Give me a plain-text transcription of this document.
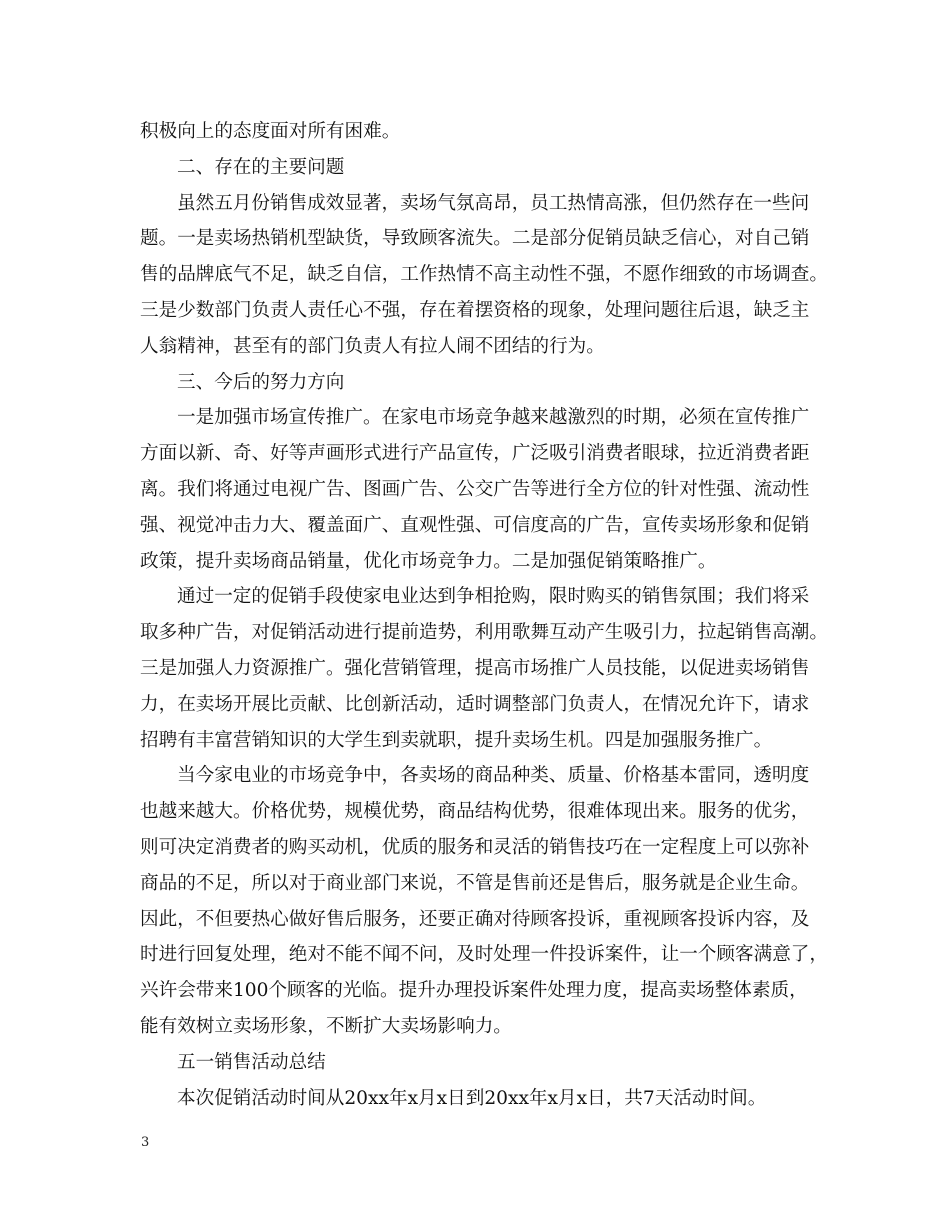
积极向上的态度面对所有困难。
二、存在的主要问题
虽然五月份销售成效显著，卖场气氛高昂，员工热情高涨，但仍然存在一些问
题。一是卖场热销机型缺货，导致顾客流失。二是部分促销员缺乏信心，对自己销
售的品牌底气不足，缺乏自信，工作热情不高主动性不强，不愿作细致的市场调查。
三是少数部门负责人责任心不强，存在着摆资格的现象，处理问题往后退，缺乏主
人翁精神，甚至有的部门负责人有拉人闹不团结的行为。
三、今后的努力方向
一是加强市场宣传推广。在家电市场竞争越来越激烈的时期，必须在宣传推广
方面以新、奇、好等声画形式进行产品宣传，广泛吸引消费者眼球，拉近消费者距
离。我们将通过电视广告、图画广告、公交广告等进行全方位的针对性强、流动性
强、视觉冲击力大、覆盖面广、直观性强、可信度高的广告，宣传卖场形象和促销
政策，提升卖场商品销量，优化市场竞争力。二是加强促销策略推广。
通过一定的促销手段使家电业达到争相抢购，限时购买的销售氛围；我们将采
取多种广告，对促销活动进行提前造势，利用歌舞互动产生吸引力，拉起销售高潮。
三是加强人力资源推广。强化营销管理，提高市场推广人员技能，以促进卖场销售
力，在卖场开展比贡献、比创新活动，适时调整部门负责人，在情况允许下，请求
招聘有丰富营销知识的大学生到卖就职，提升卖场生机。四是加强服务推广。
当今家电业的市场竞争中，各卖场的商品种类、质量、价格基本雷同，透明度
也越来越大。价格优势，规模优势，商品结构优势，很难体现出来。服务的优劣，
则可决定消费者的购买动机，优质的服务和灵活的销售技巧在一定程度上可以弥补
商品的不足，所以对于商业部门来说，不管是售前还是售后，服务就是企业生命。
因此，不但要热心做好售后服务，还要正确对待顾客投诉，重视顾客投诉内容，及
时进行回复处理，绝对不能不闻不问，及时处理一件投诉案件，让一个顾客满意了，
兴许会带来100个顾客的光临。提升办理投诉案件处理力度，提高卖场整体素质，
能有效树立卖场形象，不断扩大卖场影响力。
五一销售活动总结
本次促销活动时间从20xx年x月x日到20xx年x月x日，共7天活动时间。
3
